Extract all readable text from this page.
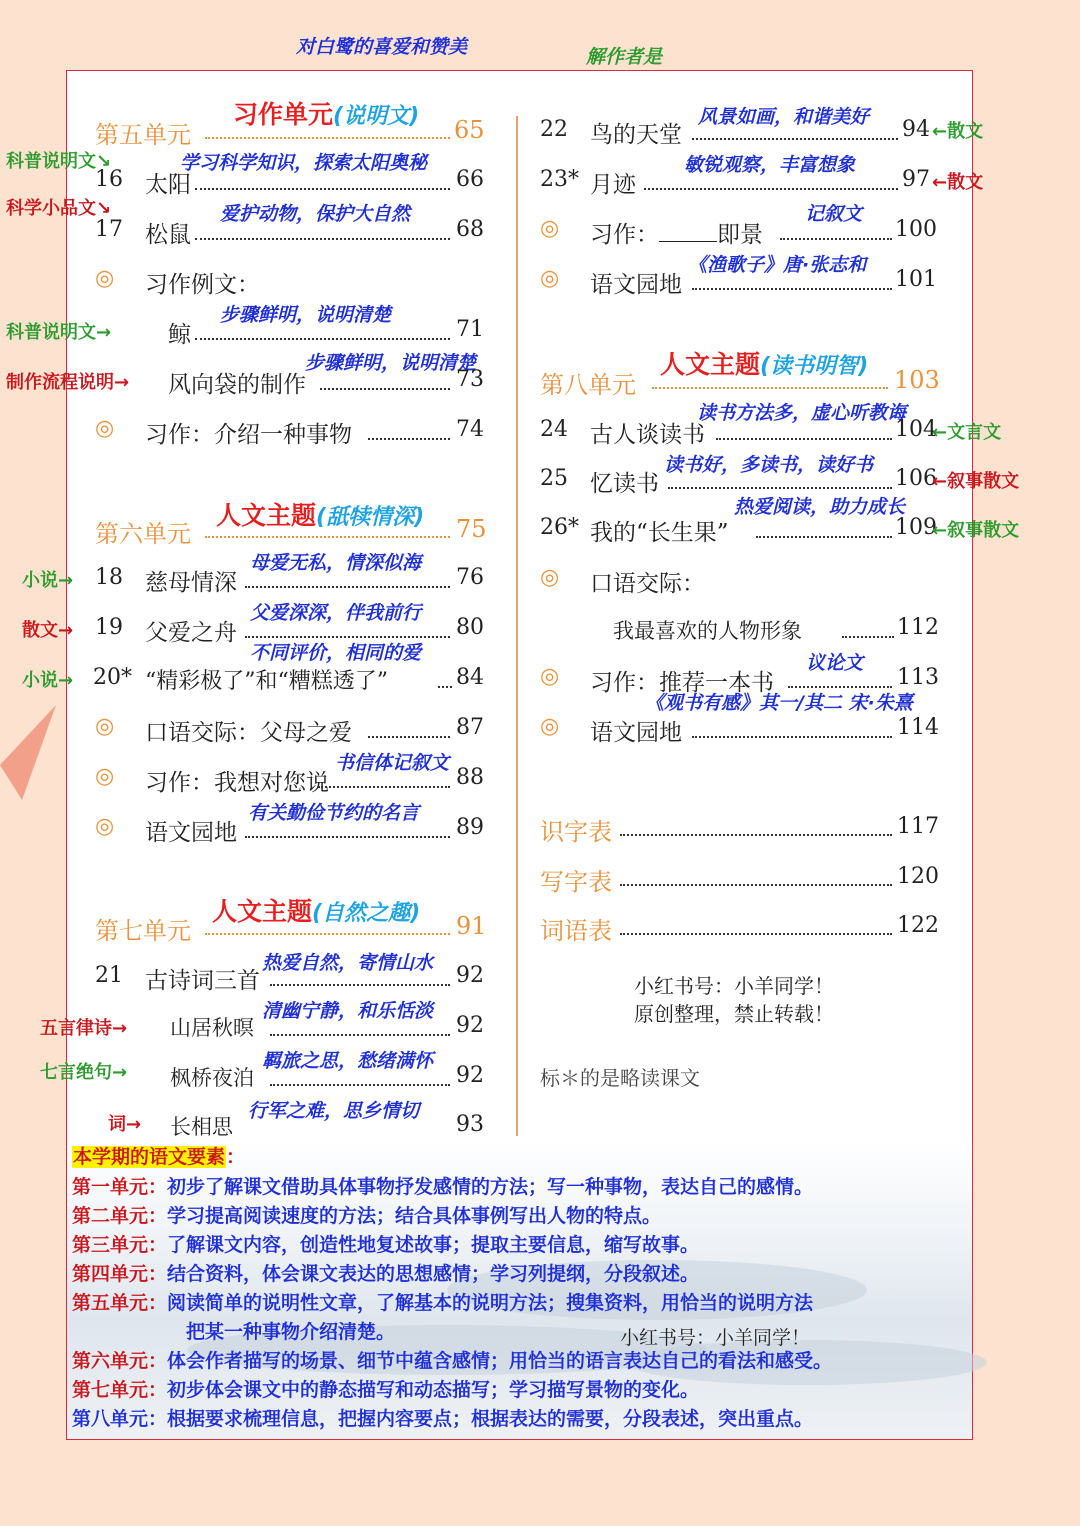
对白鹭的喜爱和赞美	解作者是
习作单元(说明文)
第五单元	65
科普说明文↘	学习科学知识，探索太阳奥秘
16 太阳	66
科学小品文↘	爱护动物，保护大自然
17 松鼠	68
◎ 习作例文：
科普说明文→
步骤鲜明，说明清楚
鲸	71
制作流程说明→
步骤鲜明，说明清楚
风向袋的制作	73
◎ 习作：介绍一种事物	74
人文主题(舐犊情深)
第六单元	75
小说→
母爱无私，情深似海
18 慈母情深	76
散文→
父爱深深，伴我前行
19 父爱之舟	80
小说→
不同评价，相同的爱
20* “精彩极了”和“糟糕透了”	84
◎ 口语交际：父母之爱	87
书信体记叙文
◎ 习作：我想对您说	88
有关勤俭节约的名言
◎ 语文园地	89
人文主题(自然之趣)
第七单元	91
热爱自然，寄情山水
21 古诗词三首	92
五言律诗→
清幽宁静，和乐恬淡
山居秋暝	92
七言绝句→
羁旅之思，愁绪满怀
枫桥夜泊	92
词→
行军之难，思乡情切
长相思	93
风景如画，和谐美好
22 鸟的天堂	94 ←散文
敏锐观察，丰富想象
23* 月迹	97 ←散文
记叙文
◎ 习作：	即景	100
《渔歌子》唐·张志和
◎ 语文园地	101
人文主题(读书明智)
第八单元	103
读书方法多，虚心听教诲
24 古人谈读书	104
←文言文
读书好，多读书，读好书
25 忆读书	106
←叙事散文
热爱阅读，助力成长
26* 我的“长生果”	109
←叙事散文
◎ 口语交际：
我最喜欢的人物形象	112
议论文
◎ 习作：推荐一本书	113
《观书有感》其一/其二 宋·朱熹
◎ 语文园地	114
识字表	117
写字表	120
词语表	122
小红书号：小羊同学！
原创整理，禁止转载！
标＊的是略读课文
本学期的语文要素：
第一单元：初步了解课文借助具体事物抒发感情的方法；写一种事物，表达自己的感情。
第二单元：学习提高阅读速度的方法；结合具体事例写出人物的特点。
第三单元：了解课文内容，创造性地复述故事；提取主要信息，缩写故事。
第四单元：结合资料，体会课文表达的思想感情；学习列提纲，分段叙述。
第五单元：阅读简单的说明性文章，了解基本的说明方法；搜集资料，用恰当的说明方法
把某一种事物介绍清楚。
第六单元：体会作者描写的场景、细节中蕴含感情；用恰当的语言表达自己的看法和感受。
第七单元：初步体会课文中的静态描写和动态描写；学习描写景物的变化。
第八单元：根据要求梳理信息，把握内容要点；根据表达的需要，分段表述，突出重点。
小红书号：小羊同学！
